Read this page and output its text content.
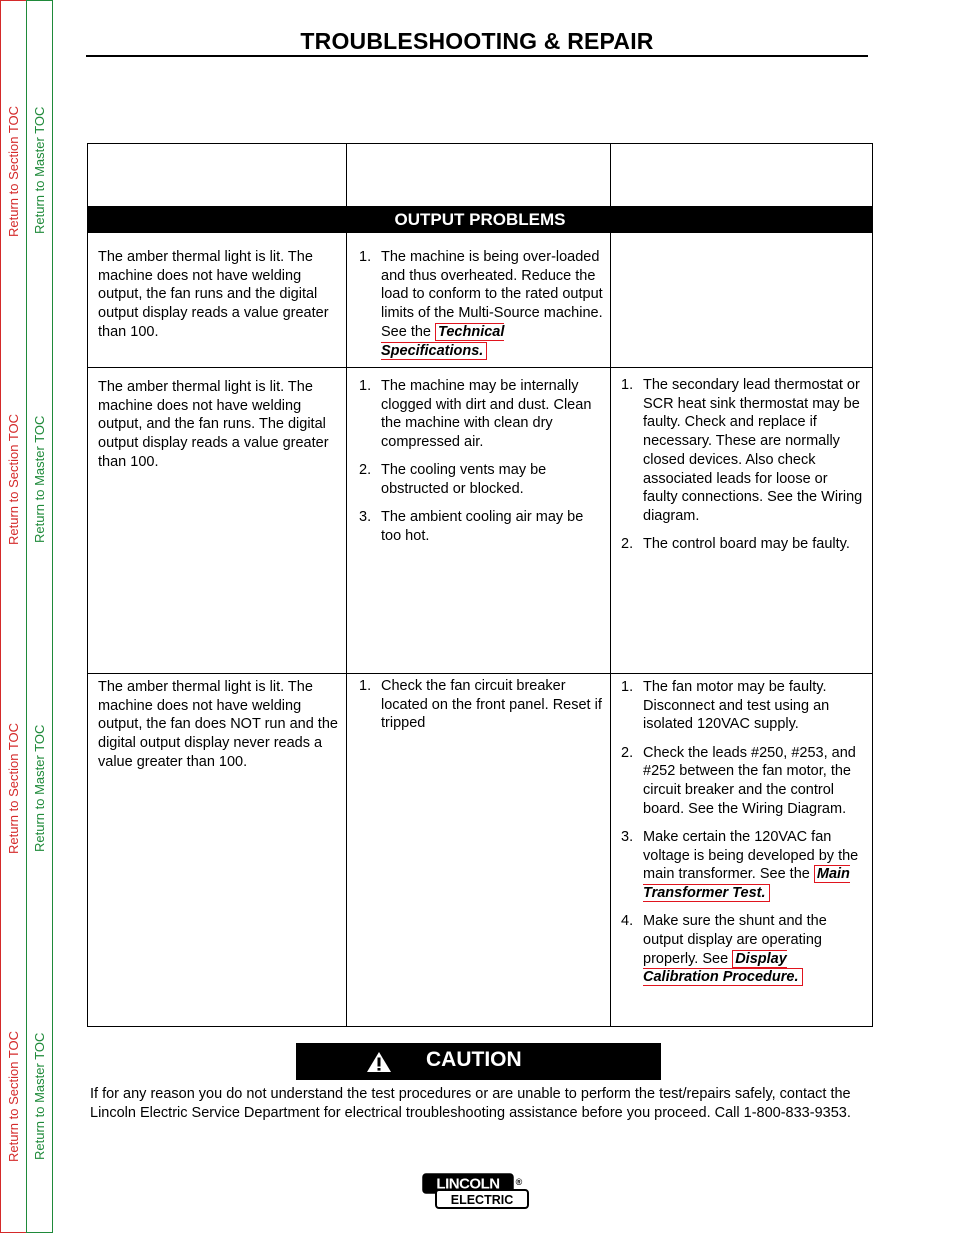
Return to Section TOC
Return to Section TOC
Return to Section TOC
Return to Section TOC
Return to Master TOC
Return to Master TOC
Return to Master TOC
Return to Master TOC
TROUBLESHOOTING & REPAIR
OUTPUT PROBLEMS

The amber thermal light is lit. The machine does not have welding output, the fan runs and the digital output display reads a value greater than 100.

1. The machine is being over-loaded and thus overheated. Reduce the load to conform to the rated output limits of the Multi-Source machine. See the Technical Specifications.

The amber thermal light is lit. The machine does not have welding output, and the fan runs. The digital output display reads a value greater than 100.

1. The machine may be internally clogged with dirt and dust. Clean the machine with clean dry compressed air.
2. The cooling vents may be obstructed or blocked.
3. The ambient cooling air may be too hot.
1. The secondary lead thermostat or SCR heat sink thermostat may be faulty. Check and replace if necessary. These are normally closed devices. Also check associated leads for loose or faulty connections. See the Wiring diagram.
2. The control board may be faulty.

The amber thermal light is lit. The machine does not have welding output, the fan does NOT run and the digital output display never reads a value greater than 100.

1. Check the fan circuit breaker located on the front panel. Reset if tripped
1. The fan motor may be faulty. Disconnect and test using an isolated 120VAC supply.
2. Check the leads #250, #253, and #252 between the fan motor, the circuit breaker and the control board. See the Wiring Diagram.
3. Make certain the 120VAC fan voltage is being developed by the main transformer. See the Main Transformer Test.
4. Make sure the shunt and the output display are operating properly. See Display Calibration Procedure.
CAUTION
If for any reason you do not understand the test procedures or are unable to perform the test/repairs safely, contact the Lincoln Electric Service Department for electrical troubleshooting assistance before you proceed. Call 1-800-833-9353.
LINCOLN
ELECTRIC
®
